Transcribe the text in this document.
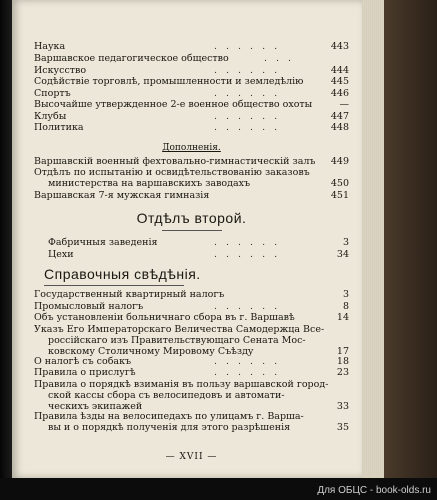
Наука	......	443
Варшавское педагогическое общество	...
Искусство	......	444
Содѣйствіе торговлѣ, промышленности и земледѣлію	445
Спортъ	......	446
Высочайше утвержденное 2-е военное общество охоты	—
Клубы	......	447
Политика	......	448
Дополненія.
Варшавскій военный фехтовально-гимнастическій залъ 449
Отдѣлъ по испытанію и освидѣтельствованію заказовъ
министерства на варшавскихъ заводахъ	450
Варшавская 7-я мужская гимназія	451
Отдѣлъ второй.
Фабричныя заведенія	......	3
Цехи	......	34
Справочныя свѣдѣнія.
Государственный квартирный налогъ	3
Промысловый налогъ	......	8
Объ установленіи больничнаго сбора въ г. Варшавѣ	14
Указъ Его Императорскаго Величества Самодержца Все-
россійскаго изъ Правительствующаго Сената Мос-
ковскому Столичному Мировому Съѣзду	17
О налогѣ съ собакъ	......	18
Правила о прислугѣ	......	23
Правила о порядкѣ взиманія въ пользу варшавской город-
ской кассы сбора съ велосипедовъ и автомати-
ческихъ экипажей	33
Правила ѣзды на велосипедахъ по улицамъ г. Варша-
вы и о порядкѣ полученія для этого разрѣшенія	35
— XVII —
Для ОБЦС - book-olds.ru
